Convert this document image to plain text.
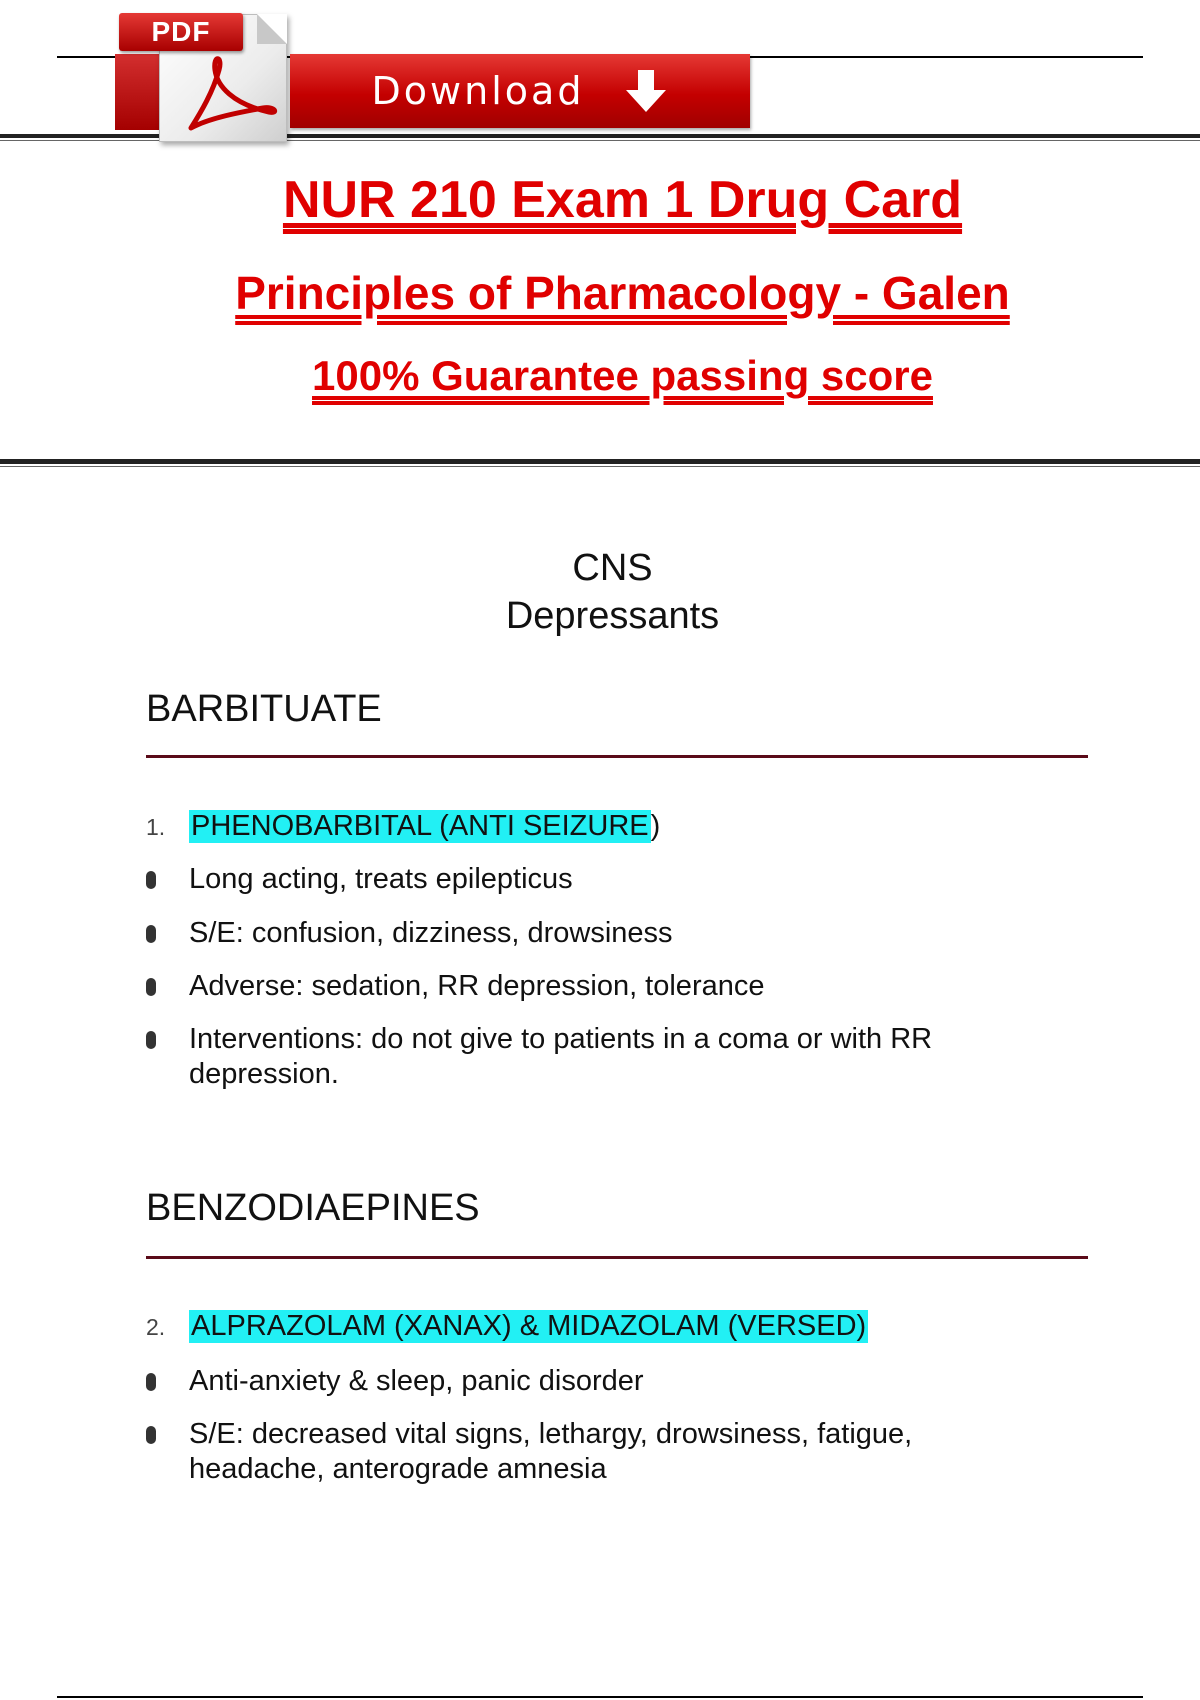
PDF
Download
NUR 210 Exam 1 Drug Card
Principles of Pharmacology - Galen
100% Guarantee passing score
CNS
Depressants
BARBITUATE
1. PHENOBARBITAL (ANTI SEIZURE )
Long acting, treats epilepticus
S/E: confusion, dizziness, drowsiness
Adverse: sedation, RR depression, tolerance
Interventions: do not give to patients in a coma or with RR depression.
BENZODIAEPINES
2. ALPRAZOLAM (XANAX) & MIDAZOLAM (VERSED)
Anti-anxiety & sleep, panic disorder
S/E: decreased vital signs, lethargy, drowsiness, fatigue, headache, anterograde amnesia
